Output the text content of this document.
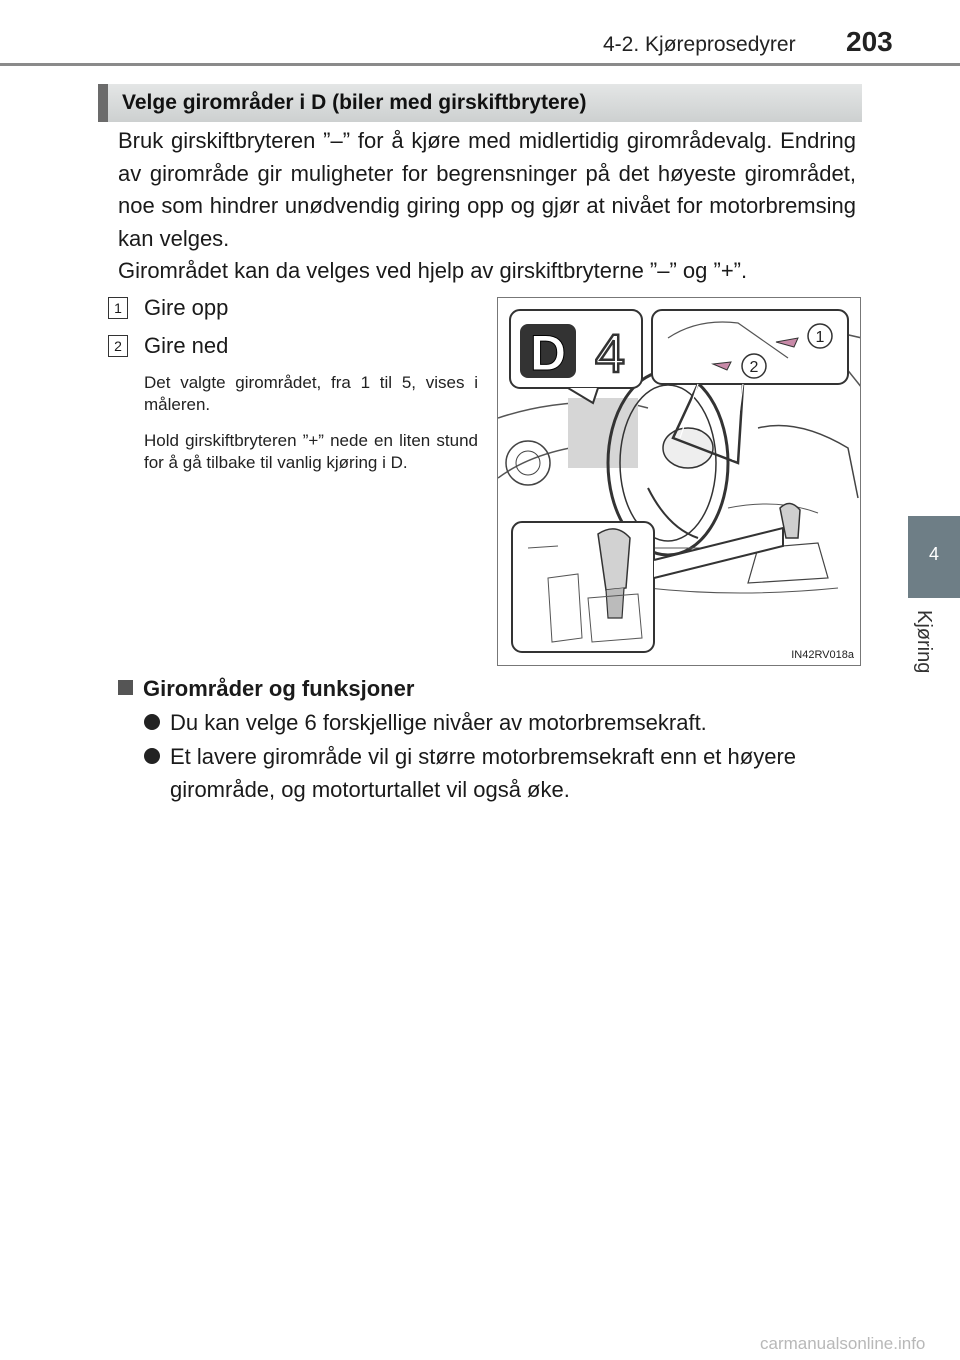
4-2. Kjøreprosedyrer 203
4
Kjøring
Velge girområder i D (biler med girskiftbrytere)

Bruk girskiftbryteren ”–” for å kjøre med midlertidig girområdevalg. Endring av girområde gir muligheter for begrensninger på det høyeste girområdet, noe som hindrer unødvendig giring opp og gjør at nivået for motorbremsing kan velges.

Girområdet kan da velges ved hjelp av girskiftbryterne ”–” og ”+”.

1 Gire opp
2 Gire ned
Det valgte girområdet, fra 1 til 5, vises i måleren.
Hold girskiftbryteren ”+” nede en liten stund for å gå tilbake til vanlig kjøring i D.
D 4	2
1
IN42RV018a
Girområder og funksjoner
Du kan velge 6 forskjellige nivåer av motorbremsekraft.
Et lavere girområde vil gi større motorbremsekraft enn et høyere girområde, og motorturtallet vil også øke.
carmanualsonline.info
